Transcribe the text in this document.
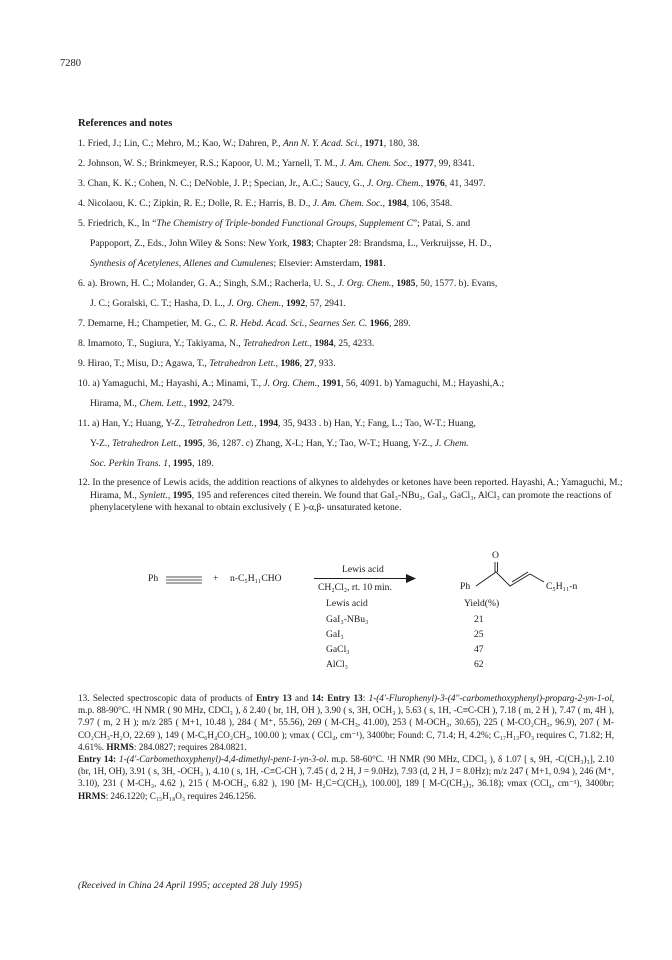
7280
References and notes

1. Fried, J.; Lin, C.; Mehro, M.; Kao, W.; Dahren, P., Ann N. Y. Acad. Sci., 1971, 180, 38.

2. Johnson, W. S.; Brinkmeyer, R.S.; Kapoor, U. M.; Yarnell, T. M., J. Am. Chem. Soc., 1977, 99, 8341.

3. Chan, K. K.; Cohen, N. C.; DeNoble, J. P.; Specian, Jr., A.C.; Saucy, G., J. Org. Chem., 1976, 41, 3497.

4. Nicolaou, K. C.; Zipkin, R. E.; Dolle, R. E.; Harris, B. D., J. Am. Chem. Soc., 1984, 106, 3548.

5. Friedrich, K., In “The Chemistry of Triple-bonded Functional Groups, Supplement C”; Patai, S. and
Pappoport, Z., Eds., John Wiley & Sons: New York, 1983; Chapter 28: Brandsma, L., Verkruijsse, H. D.,
Synthesis of Acetylenes, Allenes and Cumulenes; Elsevier: Amsterdam, 1981.

6. a). Brown, H. C.; Molander, G. A.; Singh, S.M.; Racherla, U. S., J. Org. Chem., 1985, 50, 1577. b). Evans,
J. C.; Goralski, C. T.; Hasha, D. L., J. Org. Chem., 1992, 57, 2941.

7. Demarne, H.; Champetier, M. G., C. R. Hebd. Acad. Sci., Searnes Ser. C. 1966, 289.

8. Imamoto, T., Sugiura, Y.; Takiyama, N., Tetrahedron Lett., 1984, 25, 4233.

9. Hirao, T.; Misu, D.; Agawa, T., Tetrahedron Lett., 1986, 27, 933.

10. a) Yamaguchi, M.; Hayashi, A.; Minami, T., J. Org. Chem., 1991, 56, 4091. b) Yamaguchi, M.; Hayashi,A.;
Hirama, M., Chem. Lett., 1992, 2479.

11. a) Han, Y.; Huang, Y-Z., Tetrahedron Lett., 1994, 35, 9433 . b) Han, Y.; Fang, L.; Tao, W-T.; Huang,
Y-Z., Tetrahedron Lett., 1995, 36, 1287. c) Zhang, X-L; Han, Y.; Tao, W-T.; Huang, Y-Z., J. Chem.
Soc. Perkin Trans. 1, 1995, 189.

12. In the presence of Lewis acids, the addition reactions of alkynes to aldehydes or ketones have been reported. Hayashi, A.; Yamaguchi, M.; Hirama, M., Synlett., 1995, 195 and references cited therein. We found that GaI₃-NBu₃, GaI₃, GaCl₃, AlCl₃ can promote the reactions of phenylacetylene with hexanal to obtain exclusively ( E )-α,β- unsaturated ketone.

Ph	+ n-C₅H₁₁CHO
Lewis acid
CH₂Cl₂, rt. 10 min.
O
Ph	C₅H₁₁-n
Lewis acid	Yield(%)
GaI₃-NBu₃	21
GaI₃	25
GaCl₃	47
AlCl₃	62

13. Selected spectroscopic data of products of Entry 13 and 14: Entry 13: 1-(4'-Flurophenyl)-3-(4''-carbomethoxyphenyl)-proparg-2-yn-1-ol, m.p. 88-90°C. ¹H NMR ( 90 MHz, CDCl₃ ), δ 2.40 ( br, 1H, OH ), 3.90 ( s, 3H, OCH₃ ), 5.63 ( s, 1H, -C≡C-CH ), 7.18 ( m, 2 H ), 7.47 ( m, 4H ), 7.97 ( m, 2 H ); m/z 285 ( M+1, 10.48 ), 284 ( M⁺, 55.56), 269 ( M-CH₃, 41.00), 253 ( M-OCH₃, 30.65), 225 ( M-CO₂CH₃, 96.9), 207 ( M-CO₂CH₃-H₂O, 22.69 ), 149 ( M-C₆H₄CO₂CH₃, 100.00 ); νmax ( CCl₄, cm⁻¹), 3400br; Found: C, 71.4; H, 4.2%; C₁₇H₁₃FO₃ requires C, 71.82; H, 4.61%. HRMS: 284.0827; requires 284.0821.

Entry 14: 1-(4'-Carbomethoxyphenyl)-4,4-dimethyl-pent-1-yn-3-ol. m.p. 58-60°C. ¹H NMR (90 MHz, CDCl₃ ), δ 1.07 [ s, 9H, -C(CH₃)₃], 2.10 (br, 1H, OH), 3.91 ( s, 3H, -OCH₃ ), 4.10 ( s, 1H, -C≡C-CH ), 7.45 ( d, 2 H, J = 9.0Hz), 7.93 (d, 2 H, J = 8.0Hz); m/z 247 ( M+1, 0.94 ), 246 (M⁺, 3.10), 231 ( M-CH₃, 4.62 ), 215 ( M-OCH₃, 6.82 ), 190 [M- H₂C=C(CH₃), 100.00], 189 [ M-C(CH₃)₃, 36.18); νmax (CCl₄, cm⁻¹), 3400br; HRMS: 246.1220; C₁₅H₁₈O₃ requires 246.1256.

(Received in China 24 April 1995; accepted 28 July 1995)
